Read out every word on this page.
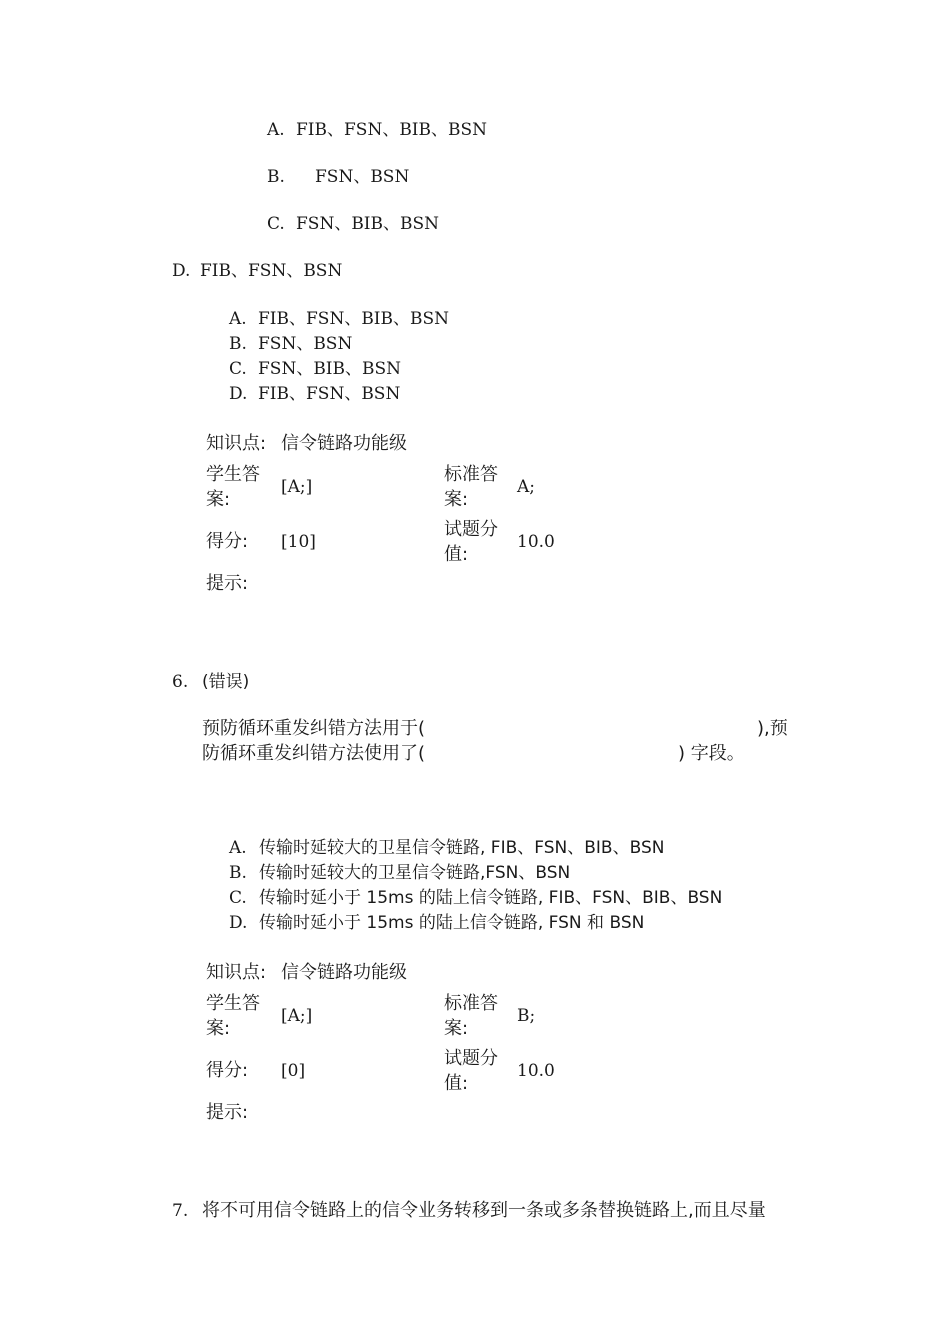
A. FIB、FSN、BIB、BSN
B. FSN、BSN
C. FSN、BIB、BSN
D. FIB、FSN、BSN
A. FIB、FSN、BIB、BSN
B. FSN、BSN
C. FSN、BIB、BSN
D. FIB、FSN、BSN
知识点: 信令链路功能级
学生答
案:
[A;]
标准答
案:
A;
得分: [10]
试题分
值:
10.0
提示:
6. (错误)
预防循环重发纠错方法用于(	),预
防循环重发纠错方法使用了(	) 字段。
A. 传输时延较大的卫星信令链路, FIB、FSN、BIB、BSN
B. 传输时延较大的卫星信令链路,FSN、BSN
C. 传输时延小于 15ms 的陆上信令链路, FIB、FSN、BIB、BSN
D. 传输时延小于 15ms 的陆上信令链路, FSN 和 BSN
知识点: 信令链路功能级
学生答
案:
[A;]
标准答
案:
B;
得分: [0]
试题分
值:
10.0
提示:
7. 将不可用信令链路上的信令业务转移到一条或多条替换链路上,而且尽量
